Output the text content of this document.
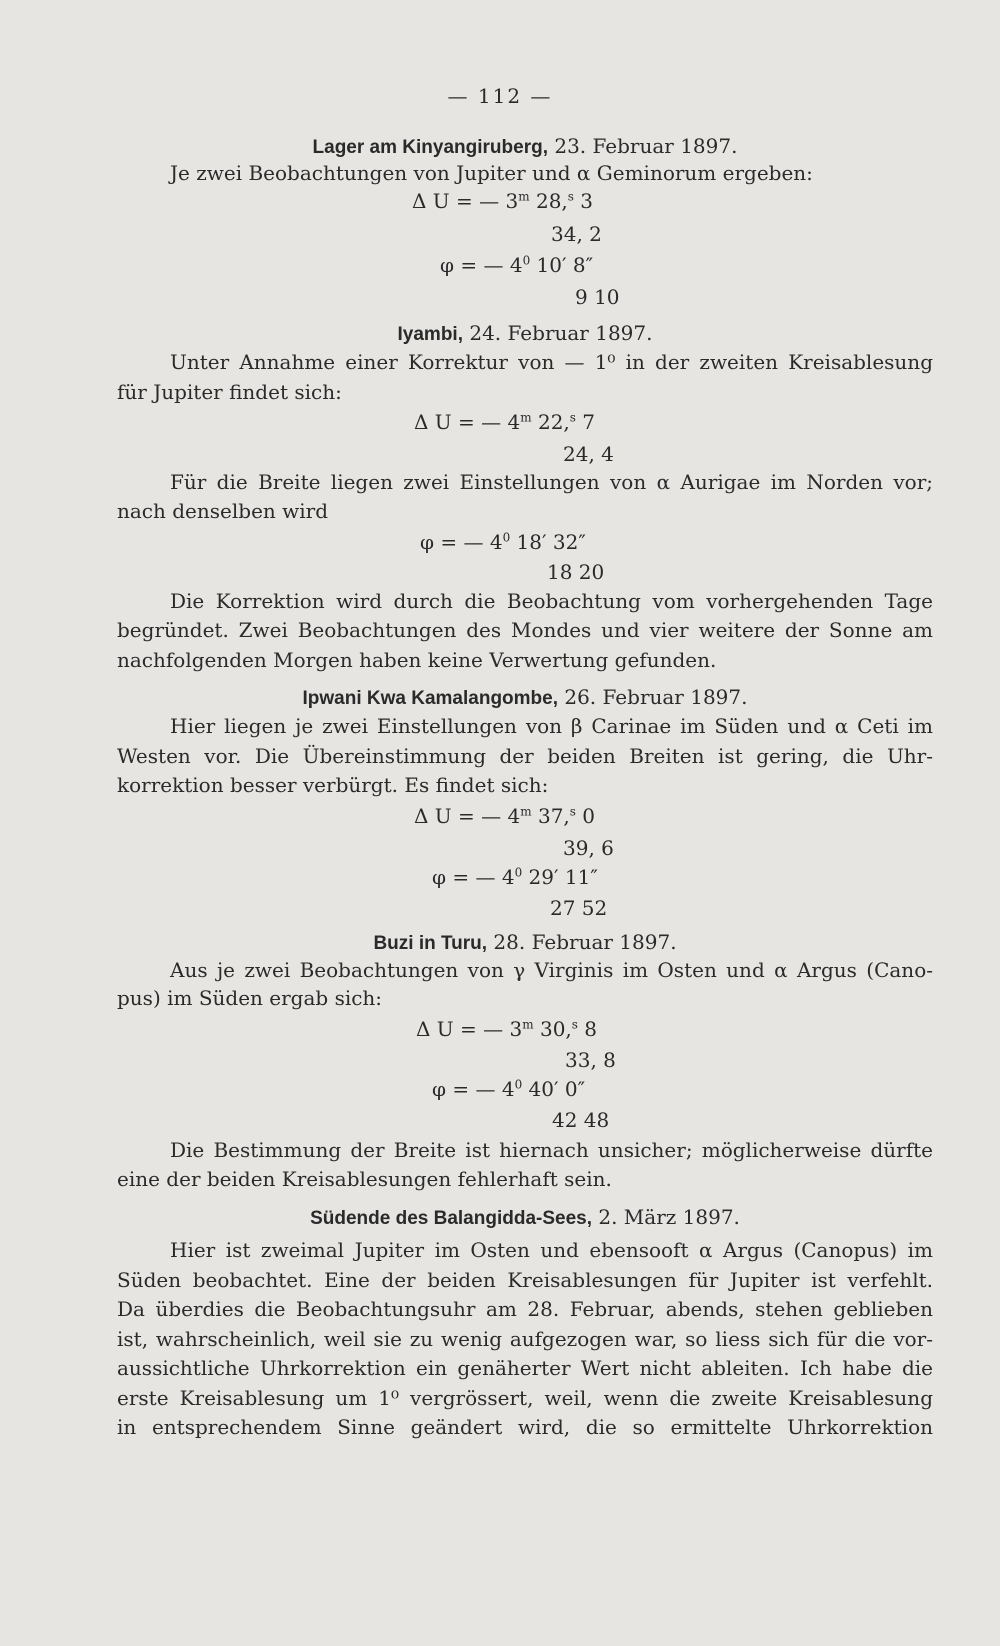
— 112 —
Lager am Kinyangiruberg, 23. Februar 1897.
Je zwei Beobachtungen von Jupiter und α Geminorum ergeben:
Δ U = — 3$^m$ 28,$^s$ 3
34, 2
φ = — $4^0$ 10′ 8″
9 10
Iyambi, 24. Februar 1897.
Unter Annahme einer Korrektur von — 1⁰ in der zweiten Kreisablesung
für Jupiter findet sich:
Δ U = — 4$^m$ 22,$^s$ 7
24, 4
Für die Breite liegen zwei Einstellungen von α Aurigae im Norden vor;
nach denselben wird
φ = — $4^0$ 18′ 32″
18 20
Die Korrektion wird durch die Beobachtung vom vorhergehenden Tage
begründet. Zwei Beobachtungen des Mondes und vier weitere der Sonne am
nachfolgenden Morgen haben keine Verwertung gefunden.
Ipwani Kwa Kamalangombe, 26. Februar 1897.
Hier liegen je zwei Einstellungen von β Carinae im Süden und α Ceti im
Westen vor. Die Übereinstimmung der beiden Breiten ist gering, die Uhr-
korrektion besser verbürgt. Es findet sich:
Δ U = — 4$^m$ 37,$^s$ 0
39, 6
φ = — $4^0$ 29′ 11″
27 52
Buzi in Turu, 28. Februar 1897.
Aus je zwei Beobachtungen von γ Virginis im Osten und α Argus (Cano-
pus) im Süden ergab sich:
Δ U = — 3$^m$ 30,$^s$ 8
33, 8
φ = — $4^0$ 40′ 0″
42 48
Die Bestimmung der Breite ist hiernach unsicher; möglicherweise dürfte
eine der beiden Kreisablesungen fehlerhaft sein.
Südende des Balangidda-Sees, 2. März 1897.
Hier ist zweimal Jupiter im Osten und ebensooft α Argus (Canopus) im
Süden beobachtet. Eine der beiden Kreisablesungen für Jupiter ist verfehlt.
Da überdies die Beobachtungsuhr am 28. Februar, abends, stehen geblieben
ist, wahrscheinlich, weil sie zu wenig aufgezogen war, so liess sich für die vor-
aussichtliche Uhrkorrektion ein genäherter Wert nicht ableiten. Ich habe die
erste Kreisablesung um 1⁰ vergrössert, weil, wenn die zweite Kreisablesung
in entsprechendem Sinne geändert wird, die so ermittelte Uhrkorrektion
